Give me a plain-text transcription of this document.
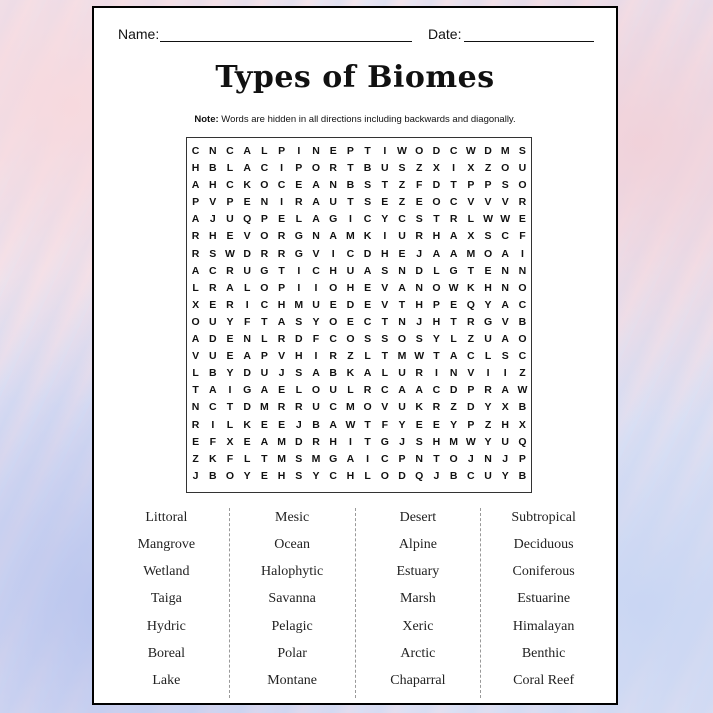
Name:	Date:
Types of Biomes
Note: Words are hidden in all directions including backwards and diagonally.
C N C A L P	I	N E P T	I	W O D C W D M S
H B L A C	I	P O R T B U S Z X	I	X Z O U
A H C K O C E A N B S T	Z	F D T P P S O
P V P E N	I	R A U T S E Z E O C V V V R
A J U Q P E L A G	I	C Y C S T R L W W E
R H E V O R G N A M K	I	U R H A X S C F
R S W D R R G V	I	C D H E	J A A M O A	I
A C R U G T	I	C H U A S N D L G T E N N
L R A L O P	I	I	O H E V A N O W K H N O
X E R	I	C H M U E D E V T H P E Q Y A C
O U Y F	T A S Y O E C T N J H T R G V B
A D E N L R D F C O S S O S Y L	Z U A O
V U E A P V H	I	R Z	L	T M W T A C L S C
L B Y D U J	S A B K A L U R	I	N V	I	I	Z
T A	I	G A E L O U L R C A A C D P R A W
N C T D M R R U C M O V U K R Z D Y X B
R	I	L K E E	J B A W T	F Y E E Y P Z H X
E F X E A M D R H	I	T G J	S H M W Y U Q
Z K F	L	T M S M G A	I	C P N T O J N J	P
J B O Y E H S Y C H L O D Q J B C U Y B
Littoral
Mangrove
Wetland
Taiga
Hydric
Boreal
Lake
Mesic
Ocean
Halophytic
Savanna
Pelagic
Polar
Montane
Desert
Alpine
Estuary
Marsh
Xeric
Arctic
Chaparral
Subtropical
Deciduous
Coniferous
Estuarine
Himalayan
Benthic
Coral Reef
